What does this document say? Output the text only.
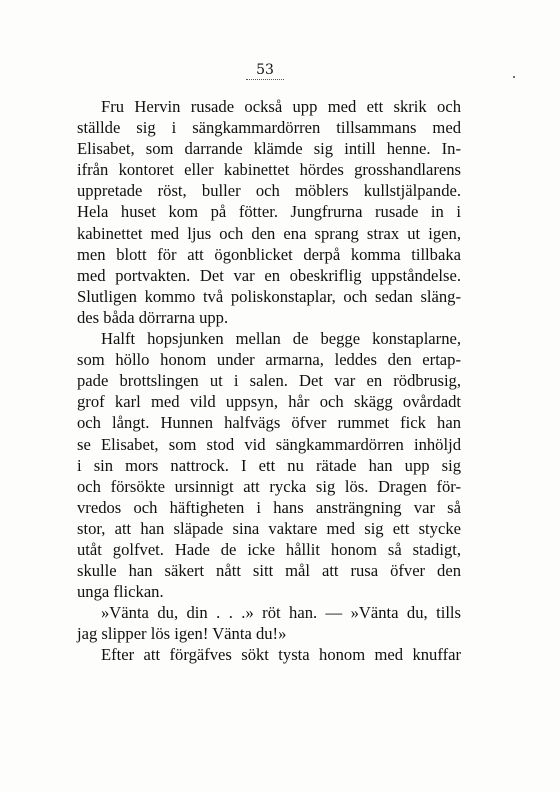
53
Fru Hervin rusade också upp med ett skrik och
ställde sig i sängkammardörren tillsammans med
Elisabet, som darrande klämde sig intill henne. In-
ifrån kontoret eller kabinettet hördes grosshandlarens
uppretade röst, buller och möblers kullstjälpande.
Hela huset kom på fötter. Jungfrurna rusade in i
kabinettet med ljus och den ena sprang strax ut igen,
men blott för att ögonblicket derpå komma tillbaka
med portvakten. Det var en obeskriflig uppståndelse.
Slutligen kommo två poliskonstaplar, och sedan släng-
des båda dörrarna upp.
Halft hopsjunken mellan de begge konstaplarne,
som höllo honom under armarna, leddes den ertap-
pade brottslingen ut i salen. Det var en rödbrusig,
grof karl med vild uppsyn, hår och skägg ovårdadt
och långt. Hunnen halfvägs öfver rummet fick han
se Elisabet, som stod vid sängkammardörren inhöljd
i sin mors nattrock. I ett nu rätade han upp sig
och försökte ursinnigt att rycka sig lös. Dragen för-
vredos och häftigheten i hans ansträngning var så
stor, att han släpade sina vaktare med sig ett stycke
utåt golfvet. Hade de icke hållit honom så stadigt,
skulle han säkert nått sitt mål att rusa öfver den
unga flickan.
»Vänta du, din . . .» röt han. — »Vänta du, tills
jag slipper lös igen! Vänta du!»
Efter att förgäfves sökt tysta honom med knuffar
